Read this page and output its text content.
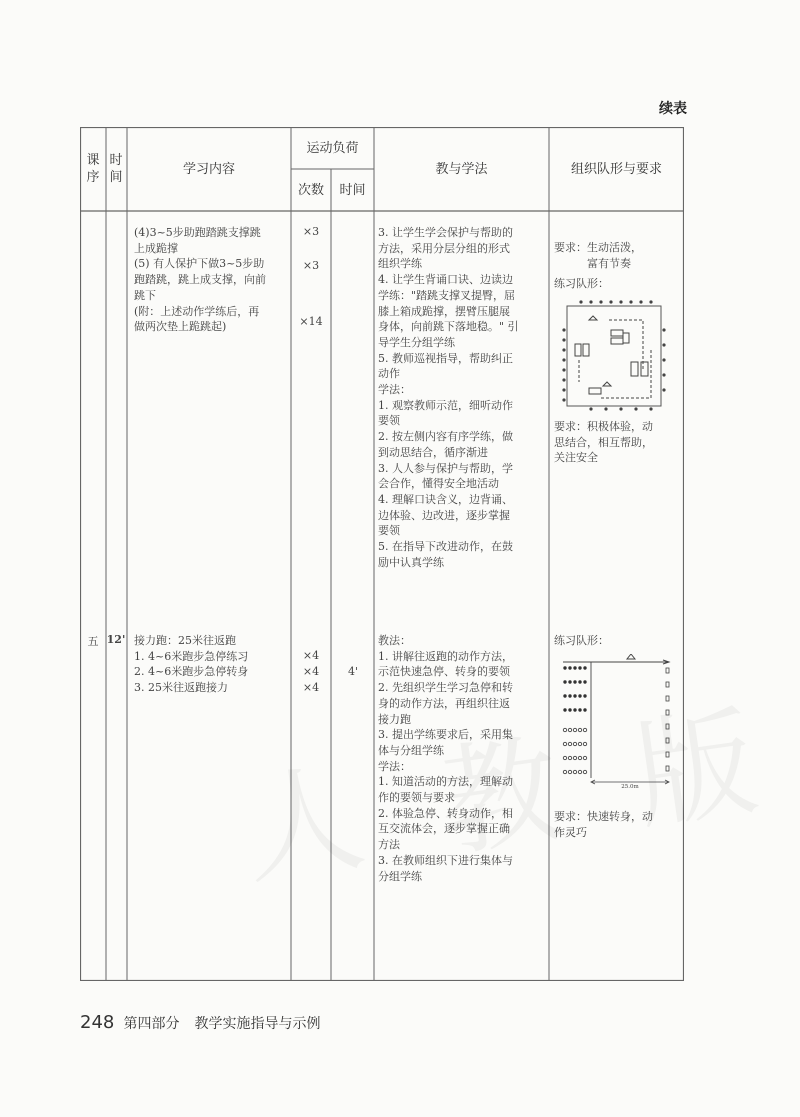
续表
课序
时间
学习内容
运动负荷
次数	时间
教与学法	组织队形与要求
(4)3~5步助跑踏跳支撑跳
上成跪撑
(5) 有人保护下做3~5步助
跑踏跳，跳上成支撑，向前
跳下
(附：上述动作学练后，再
做两次垫上跪跳起)
×3
×3
×14
3. 让学生学会保护与帮助的
方法，采用分层分组的形式
组织学练
4. 让学生背诵口诀、边读边
学练："踏跳支撑叉提臀，屈
膝上箱成跪撑，摆臂压腿展
身体，向前跳下落地稳。" 引
导学生分组学练
5. 教师巡视指导，帮助纠正
动作
学法：
1. 观察教师示范，细听动作
要领
2. 按左侧内容有序学练，做
到动思结合，循序渐进
3. 人人参与保护与帮助，学
会合作，懂得安全地活动
4. 理解口诀含义，边背诵、
边体验、边改进，逐步掌握
要领
5. 在指导下改进动作，在鼓
励中认真学练
要求：生动活泼，
　　　富有节奏
练习队形：
要求：积极体验，动
思结合，相互帮助，
关注安全
五 12' 接力跑：25米往返跑
1. 4~6米跑步急停练习
2. 4~6米跑步急停转身
3. 25米往返跑接力
×4
×4
×4
4'
教法：
1. 讲解往返跑的动作方法，
示范快速急停、转身的要领
2. 先组织学生学习急停和转
身的动作方法，再组织往返
接力跑
3. 提出学练要求后，采用集
体与分组学练
学法：
1. 知道活动的方法，理解动
作的要领与要求
2. 体验急停、转身动作，相
互交流体会，逐步掌握正确
方法
3. 在教师组织下进行集体与
分组学练
练习队形：
25.0m
要求：快速转身，动
作灵巧
248 第四部分 教学实施指导与示例
